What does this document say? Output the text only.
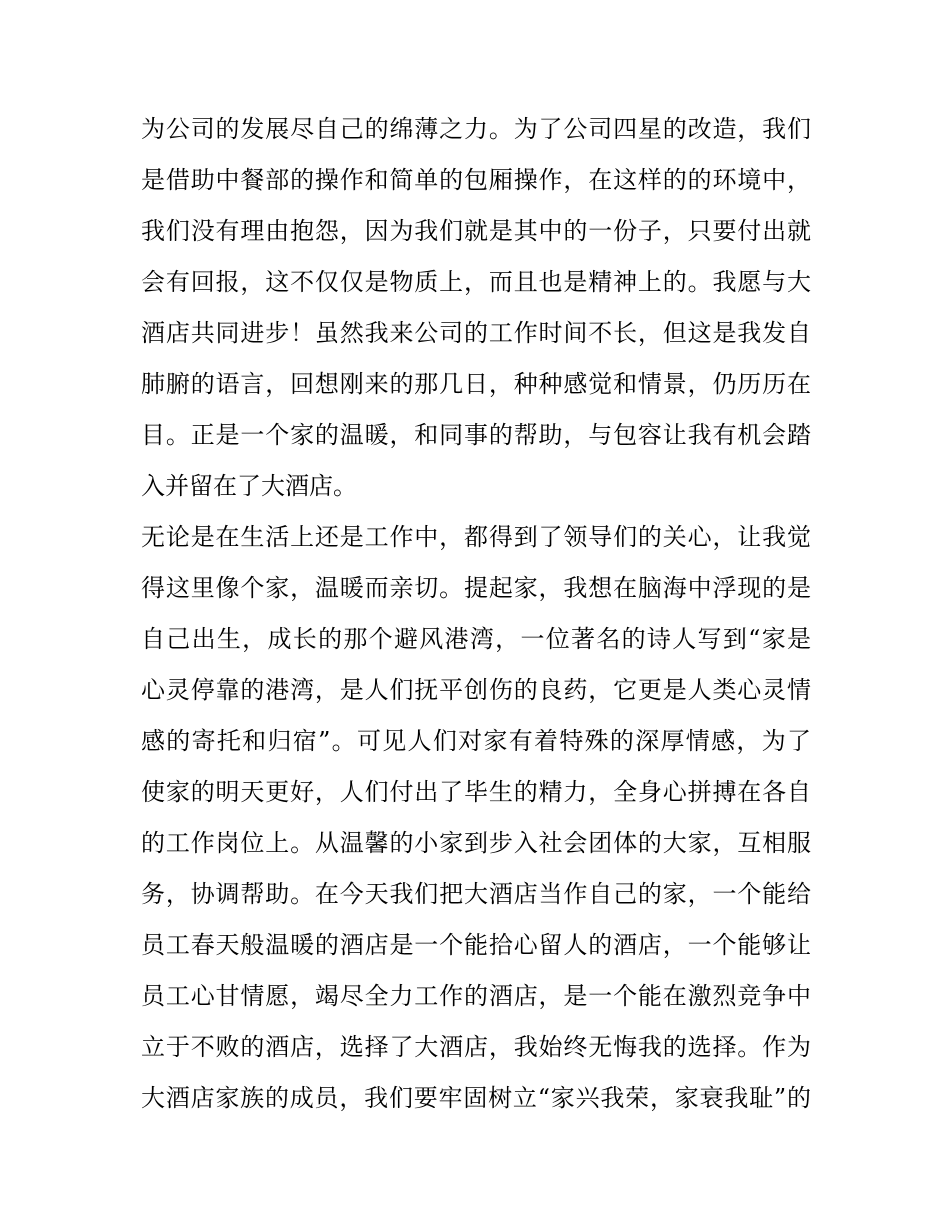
为公司的发展尽自己的绵薄之力。为了公司四星的改造，我们
是借助中餐部的操作和简单的包厢操作，在这样的的环境中，
我们没有理由抱怨，因为我们就是其中的一份子，只要付出就
会有回报，这不仅仅是物质上，而且也是精神上的。我愿与大
酒店共同进步！虽然我来公司的工作时间不长，但这是我发自
肺腑的语言，回想刚来的那几日，种种感觉和情景，仍历历在
目。正是一个家的温暖，和同事的帮助，与包容让我有机会踏
入并留在了大酒店。
无论是在生活上还是工作中，都得到了领导们的关心，让我觉
得这里像个家，温暖而亲切。提起家，我想在脑海中浮现的是
自己出生，成长的那个避风港湾，一位著名的诗人写到“家是
心灵停靠的港湾，是人们抚平创伤的良药，它更是人类心灵情
感的寄托和归宿”。可见人们对家有着特殊的深厚情感，为了
使家的明天更好，人们付出了毕生的精力，全身心拼搏在各自
的工作岗位上。从温馨的小家到步入社会团体的大家，互相服
务，协调帮助。在今天我们把大酒店当作自己的家，一个能给
员工春天般温暖的酒店是一个能拾心留人的酒店，一个能够让
员工心甘情愿，竭尽全力工作的酒店，是一个能在激烈竞争中
立于不败的酒店，选择了大酒店，我始终无悔我的选择。作为
大酒店家族的成员，我们要牢固树立“家兴我荣，家衰我耻”的
